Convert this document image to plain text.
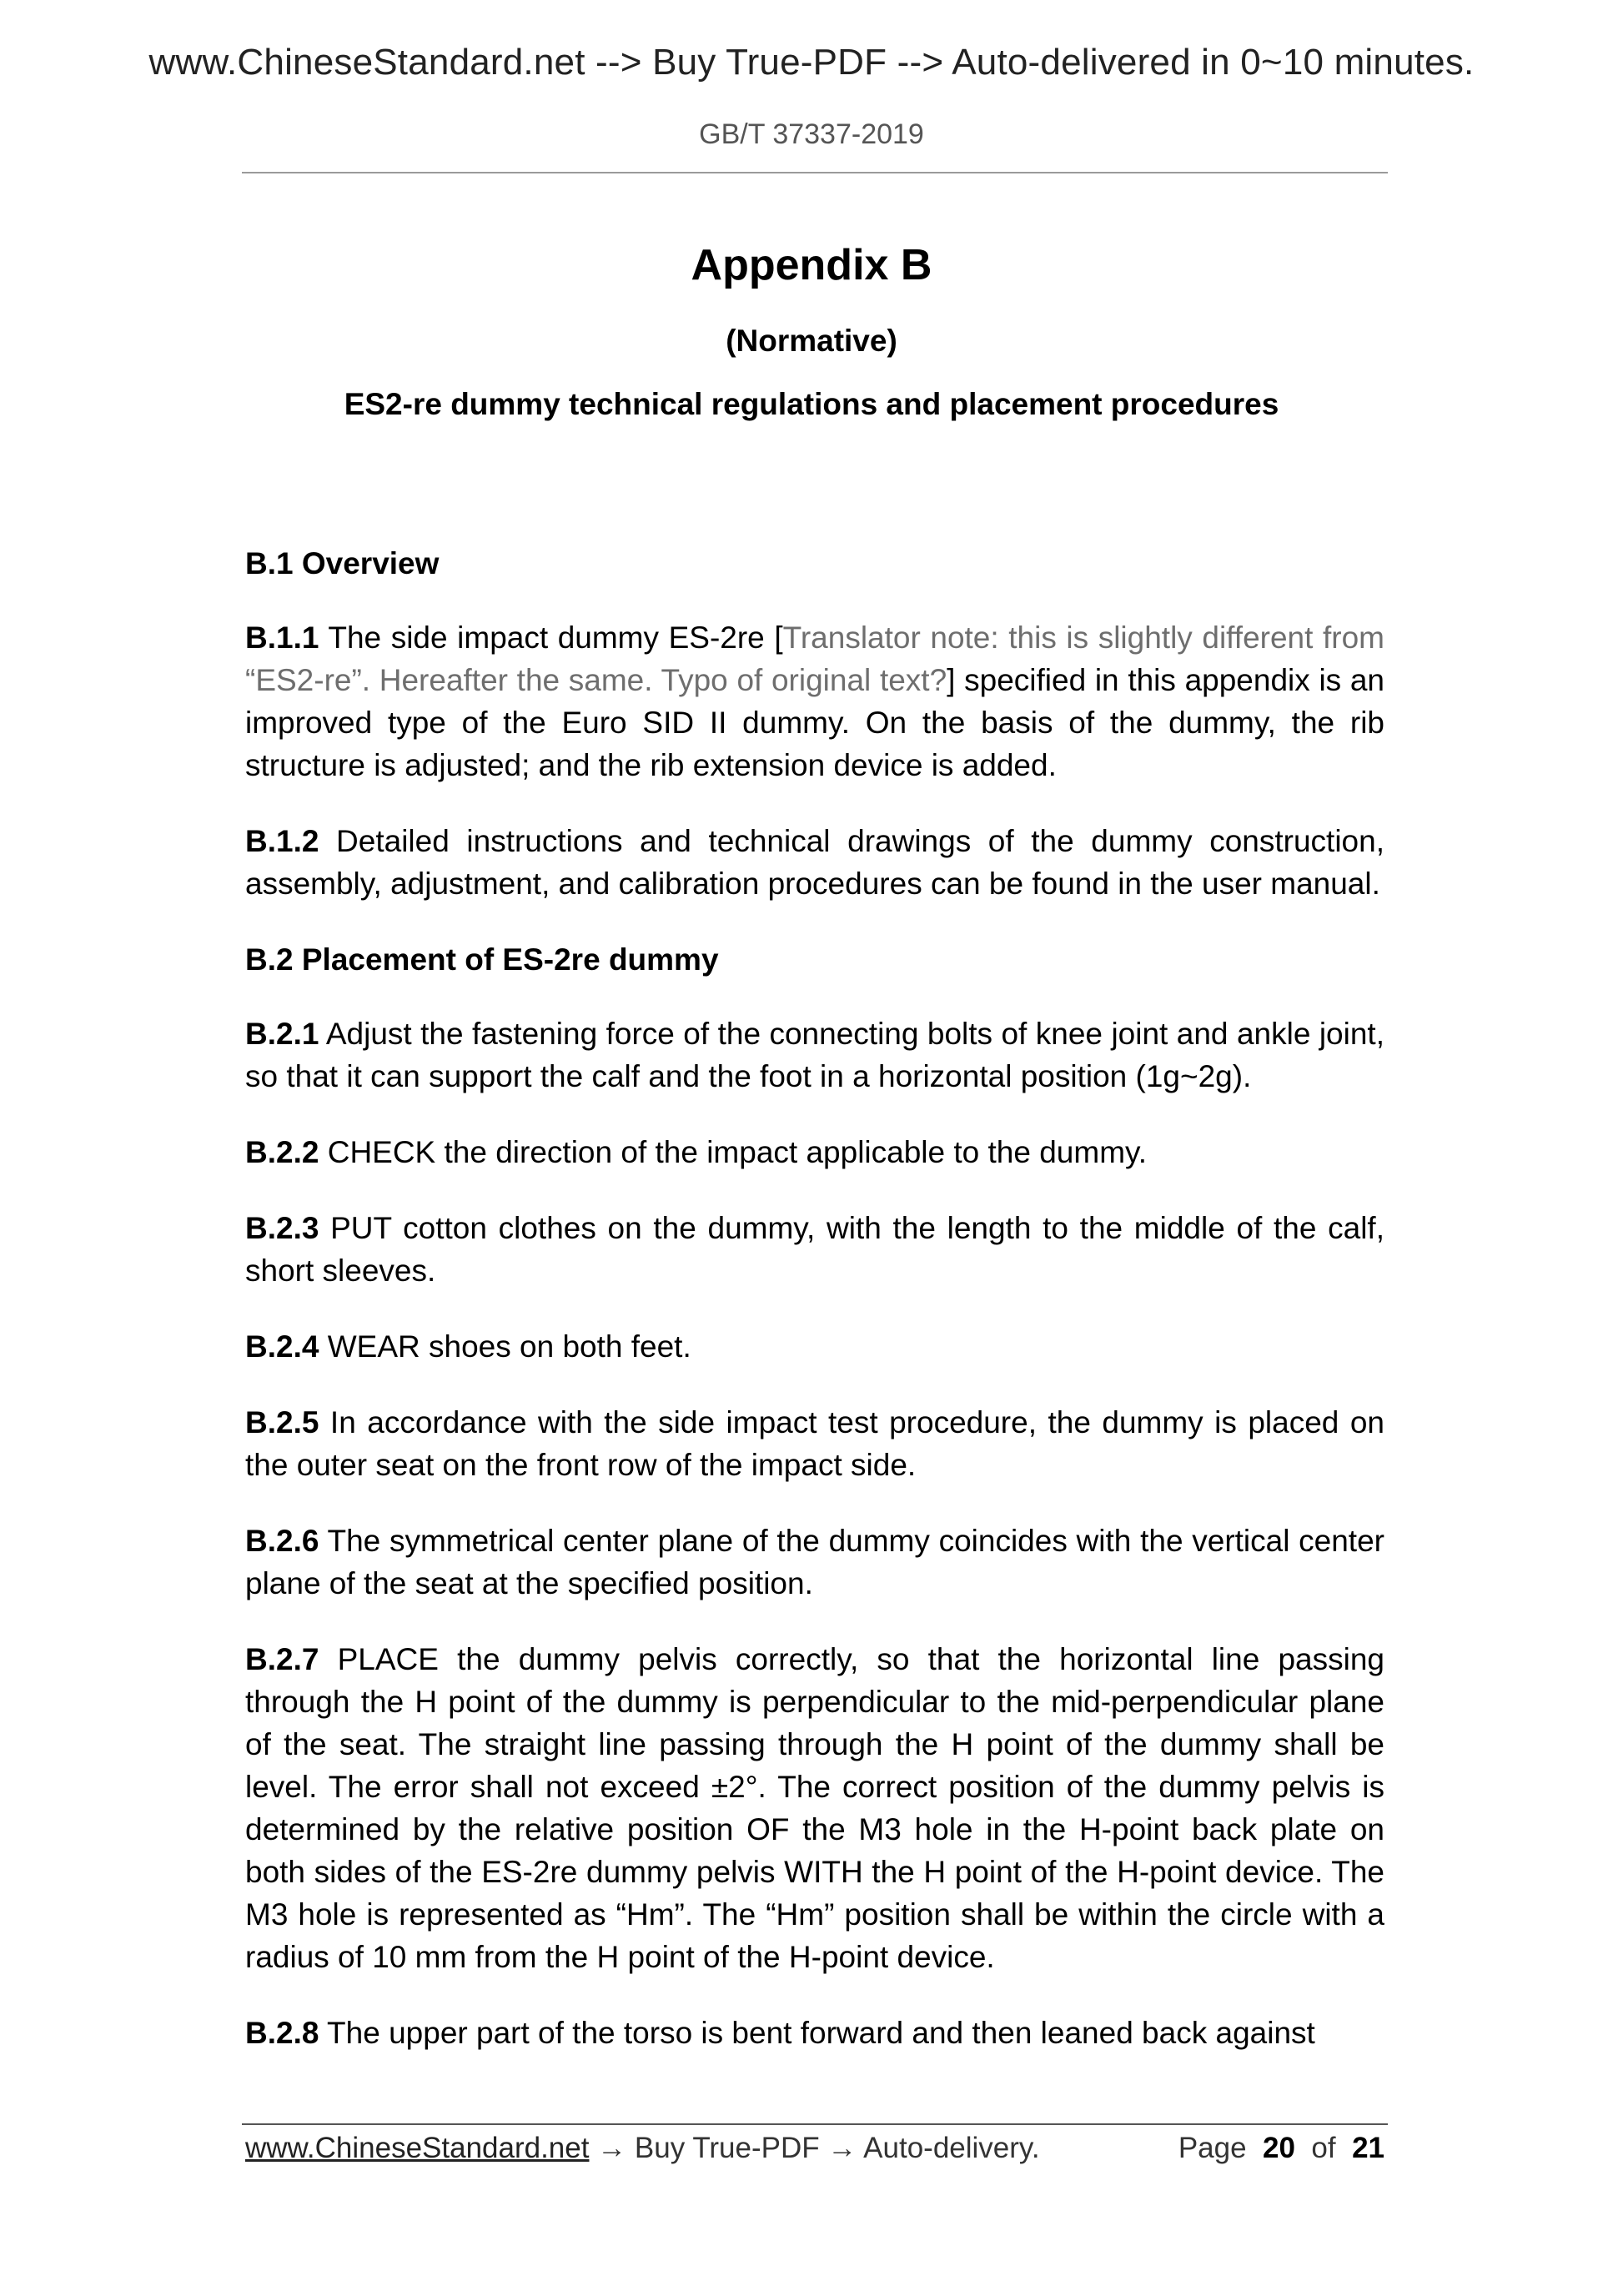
www.ChineseStandard.net --> Buy True-PDF --> Auto-delivered in 0~10 minutes.
GB/T 37337-2019
Appendix B
(Normative)
ES2-re dummy technical regulations and placement procedures

B.1 Overview

B.1.1 The side impact dummy ES-2re [Translator note: this is slightly different from “ES2-re”. Hereafter the same. Typo of original text?] specified in this appendix is an improved type of the Euro SID II dummy. On the basis of the dummy, the rib structure is adjusted; and the rib extension device is added.

B.1.2 Detailed instructions and technical drawings of the dummy construction, assembly, adjustment, and calibration procedures can be found in the user manual.

B.2 Placement of ES-2re dummy

B.2.1 Adjust the fastening force of the connecting bolts of knee joint and ankle joint, so that it can support the calf and the foot in a horizontal position (1g~2g).

B.2.2 CHECK the direction of the impact applicable to the dummy.

B.2.3 PUT cotton clothes on the dummy, with the length to the middle of the calf, short sleeves.

B.2.4 WEAR shoes on both feet.

B.2.5 In accordance with the side impact test procedure, the dummy is placed on the outer seat on the front row of the impact side.

B.2.6 The symmetrical center plane of the dummy coincides with the vertical center plane of the seat at the specified position.

B.2.7 PLACE the dummy pelvis correctly, so that the horizontal line passing through the H point of the dummy is perpendicular to the mid-perpendicular plane of the seat. The straight line passing through the H point of the dummy shall be level. The error shall not exceed ±2°. The correct position of the dummy pelvis is determined by the relative position OF the M3 hole in the H-point back plate on both sides of the ES-2re dummy pelvis WITH the H point of the H-point device. The M3 hole is represented as “Hm”. The “Hm” position shall be within the circle with a radius of 10 mm from the H point of the H-point device.

B.2.8 The upper part of the torso is bent forward and then leaned back against

www.ChineseStandard.net → Buy True-PDF → Auto-delivery.	Page 20 of 21
